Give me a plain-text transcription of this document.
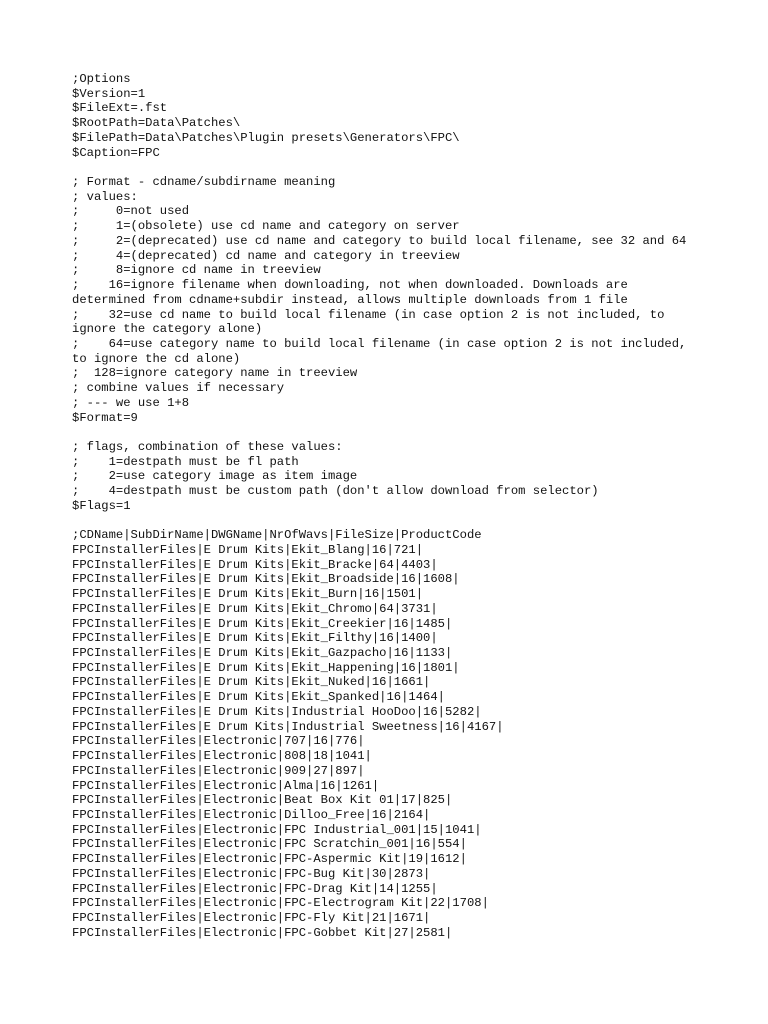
;Options
$Version=1
$FileExt=.fst
$RootPath=Data\Patches\
$FilePath=Data\Patches\Plugin presets\Generators\FPC\
$Caption=FPC
; Format - cdname/subdirname meaning
; values:
;     0=not used
;     1=(obsolete) use cd name and category on server
;     2=(deprecated) use cd name and category to build local filename, see 32 and 64
;     4=(deprecated) cd name and category in treeview
;     8=ignore cd name in treeview
;    16=ignore filename when downloading, not when downloaded. Downloads are
determined from cdname+subdir instead, allows multiple downloads from 1 file
;    32=use cd name to build local filename (in case option 2 is not included, to
ignore the category alone)
;    64=use category name to build local filename (in case option 2 is not included,
to ignore the cd alone)
;  128=ignore category name in treeview
; combine values if necessary
; --- we use 1+8
$Format=9
; flags, combination of these values:
;    1=destpath must be fl path
;    2=use category image as item image
;    4=destpath must be custom path (don't allow download from selector)
$Flags=1
;CDName|SubDirName|DWGName|NrOfWavs|FileSize|ProductCode
FPCInstallerFiles|E Drum Kits|Ekit_Blang|16|721|
FPCInstallerFiles|E Drum Kits|Ekit_Bracke|64|4403|
FPCInstallerFiles|E Drum Kits|Ekit_Broadside|16|1608|
FPCInstallerFiles|E Drum Kits|Ekit_Burn|16|1501|
FPCInstallerFiles|E Drum Kits|Ekit_Chromo|64|3731|
FPCInstallerFiles|E Drum Kits|Ekit_Creekier|16|1485|
FPCInstallerFiles|E Drum Kits|Ekit_Filthy|16|1400|
FPCInstallerFiles|E Drum Kits|Ekit_Gazpacho|16|1133|
FPCInstallerFiles|E Drum Kits|Ekit_Happening|16|1801|
FPCInstallerFiles|E Drum Kits|Ekit_Nuked|16|1661|
FPCInstallerFiles|E Drum Kits|Ekit_Spanked|16|1464|
FPCInstallerFiles|E Drum Kits|Industrial HooDoo|16|5282|
FPCInstallerFiles|E Drum Kits|Industrial Sweetness|16|4167|
FPCInstallerFiles|Electronic|707|16|776|
FPCInstallerFiles|Electronic|808|18|1041|
FPCInstallerFiles|Electronic|909|27|897|
FPCInstallerFiles|Electronic|Alma|16|1261|
FPCInstallerFiles|Electronic|Beat Box Kit 01|17|825|
FPCInstallerFiles|Electronic|Dilloo_Free|16|2164|
FPCInstallerFiles|Electronic|FPC Industrial_001|15|1041|
FPCInstallerFiles|Electronic|FPC Scratchin_001|16|554|
FPCInstallerFiles|Electronic|FPC-Aspermic Kit|19|1612|
FPCInstallerFiles|Electronic|FPC-Bug Kit|30|2873|
FPCInstallerFiles|Electronic|FPC-Drag Kit|14|1255|
FPCInstallerFiles|Electronic|FPC-Electrogram Kit|22|1708|
FPCInstallerFiles|Electronic|FPC-Fly Kit|21|1671|
FPCInstallerFiles|Electronic|FPC-Gobbet Kit|27|2581|
